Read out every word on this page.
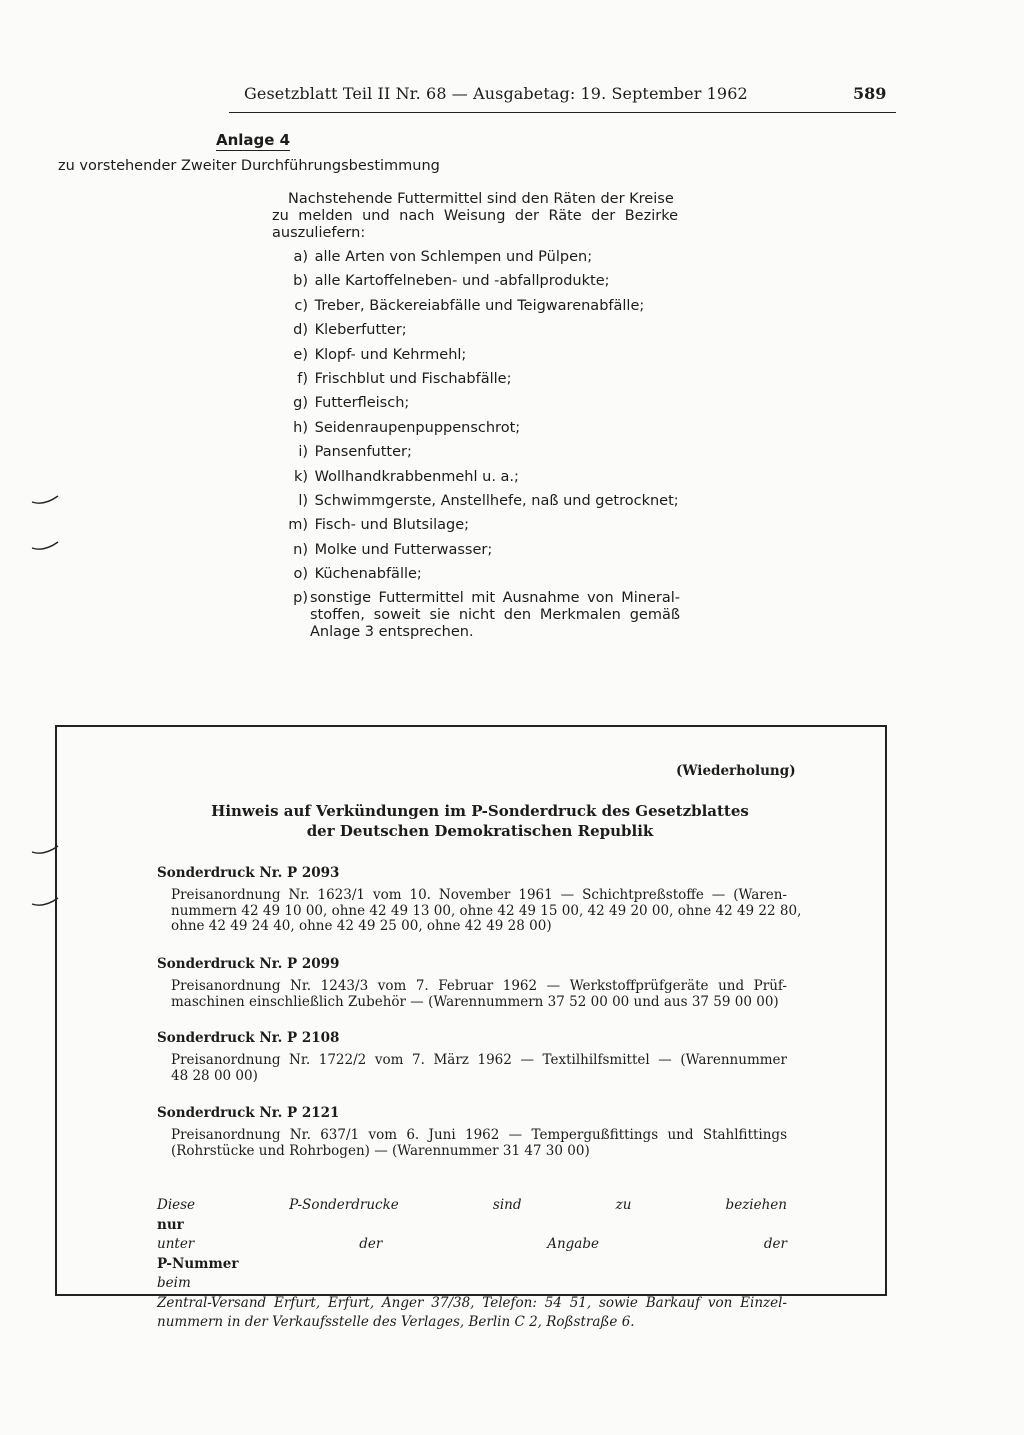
Gesetzblatt Teil II Nr. 68 — Ausgabetag: 19. September 1962	589
Anlage 4
zu vorstehender Zweiter Durchführungsbestimmung
Nachstehende Futtermittel sind den Räten der Kreise
zu melden und nach Weisung der Räte der Bezirke
auszuliefern:
a) alle Arten von Schlempen und Pülpen;
b) alle Kartoffelneben- und -abfallprodukte;
c) Treber, Bäckereiabfälle und Teigwarenabfälle;
d) Kleberfutter;
e) Klopf- und Kehrmehl;
f) Frischblut und Fischabfälle;
g) Futterfleisch;
h) Seidenraupenpuppenschrot;
i) Pansenfutter;
k) Wollhandkrabbenmehl u. a.;
l) Schwimmgerste, Anstellhefe, naß und getrocknet;
m) Fisch- und Blutsilage;
n) Molke und Futterwasser;
o) Küchenabfälle;
p) sonstige Futtermittel mit Ausnahme von Mineral-
stoffen, soweit sie nicht den Merkmalen gemäß
Anlage 3 entsprechen.
(Wiederholung)
Hinweis auf Verkündungen im P-Sonderdruck des Gesetzblattes
der Deutschen Demokratischen Republik
Sonderdruck Nr. P 2093
Preisanordnung Nr. 1623/1 vom 10. November 1961 — Schichtpreßstoffe — (Waren-
nummern 42 49 10 00, ohne 42 49 13 00, ohne 42 49 15 00, 42 49 20 00, ohne 42 49 22 80,
ohne 42 49 24 40, ohne 42 49 25 00, ohne 42 49 28 00)
Sonderdruck Nr. P 2099
Preisanordnung Nr. 1243/3 vom 7. Februar 1962 — Werkstoffprüfgeräte und Prüf-
maschinen einschließlich Zubehör — (Warennummern 37 52 00 00 und aus 37 59 00 00)
Sonderdruck Nr. P 2108
Preisanordnung Nr. 1722/2 vom 7. März 1962 — Textilhilfsmittel — (Warennummer
48 28 00 00)
Sonderdruck Nr. P 2121
Preisanordnung Nr. 637/1 vom 6. Juni 1962 — Tempergußfittings und Stahlfittings
(Rohrstücke und Rohrbogen) — (Warennummer 31 47 30 00)
Diese P-Sonderdrucke sind zu beziehen
nur
unter der Angabe der
P-Nummer
beim
Zentral-Versand Erfurt, Erfurt, Anger 37/38, Telefon: 54 51, sowie Barkauf von Einzel-
nummern in der Verkaufsstelle des Verlages, Berlin C 2, Roßstraße 6.
